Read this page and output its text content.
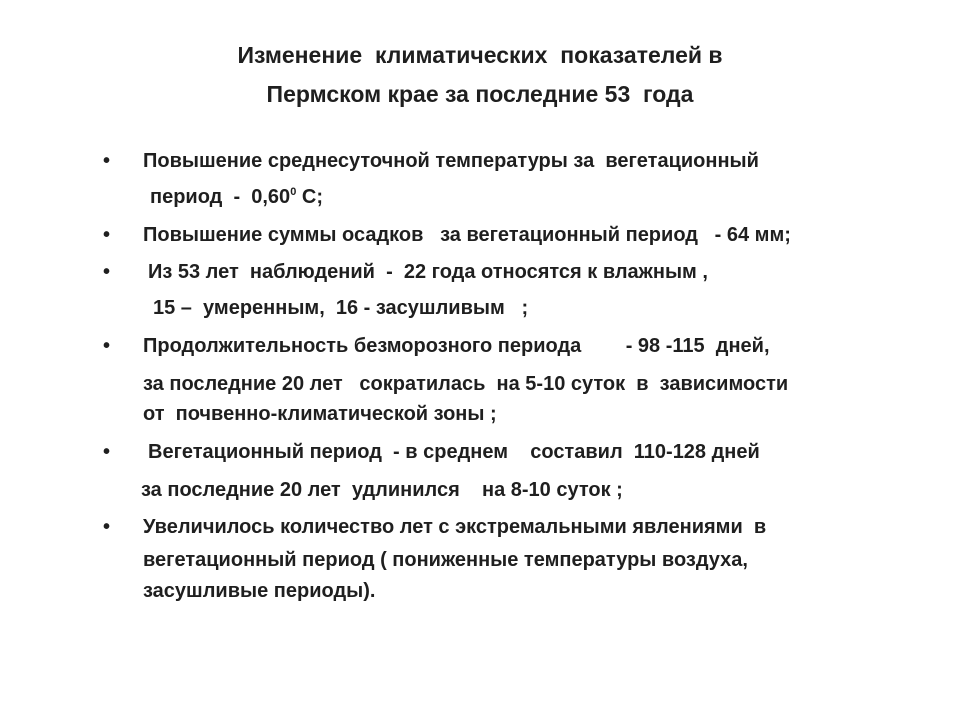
Изменение  климатических  показателей в
Пермском крае за последние 53  года
• Повышение среднесуточной температуры за  вегетационный
период  -  0,60$^0$ С;
• Повышение суммы осадков   за вегетационный период   - 64 мм;
• Из 53 лет  наблюдений  -  22 года относятся к влажным ,
15 –  умеренным,  16 - засушливым   ;
• Продолжительность безморозного периода        - 98 -115  дней,
за последние 20 лет   сократилась  на 5-10 суток  в  зависимости
от  почвенно-климатической зоны ;
• Вегетационный период  - в среднем    составил  110-128 дней
за последние 20 лет  удлинился    на 8-10 суток ;
• Увеличилось количество лет с экстремальными явлениями  в
вегетационный период ( пониженные температуры воздуха,
засушливые периоды).
